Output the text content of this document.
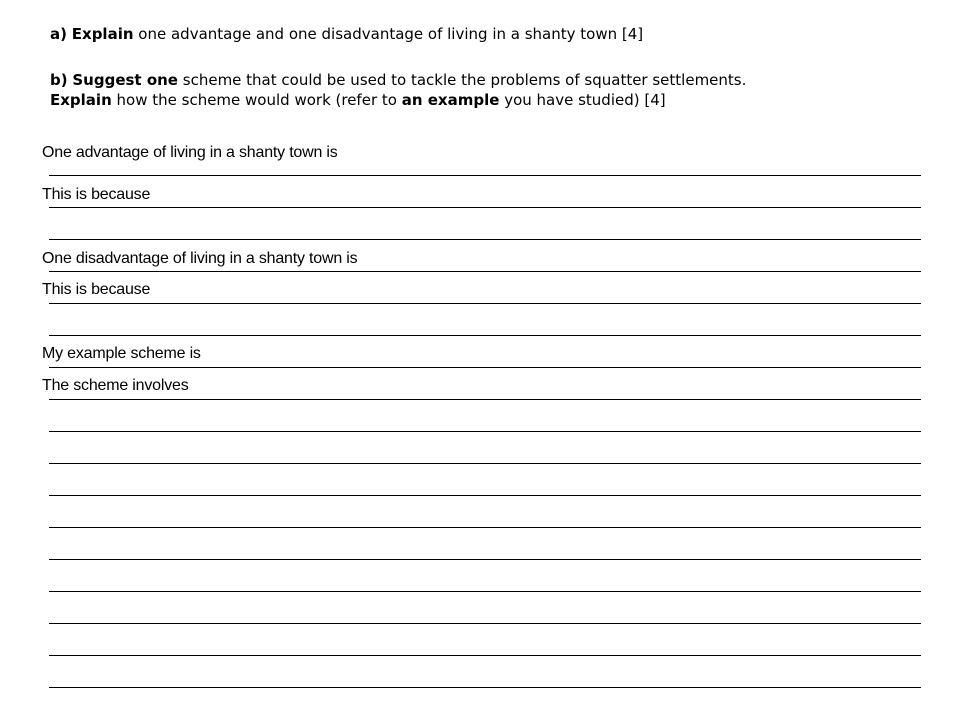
a) Explain one advantage and one disadvantage of living in a shanty town [4]

b) Suggest one scheme that could be used to tackle the problems of squatter settlements.

Explain how the scheme would work (refer to an example you have studied) [4]

One advantage of living in a shanty town is
This is because
One disadvantage of living in a shanty town is
This is because
My example scheme is
The scheme involves
